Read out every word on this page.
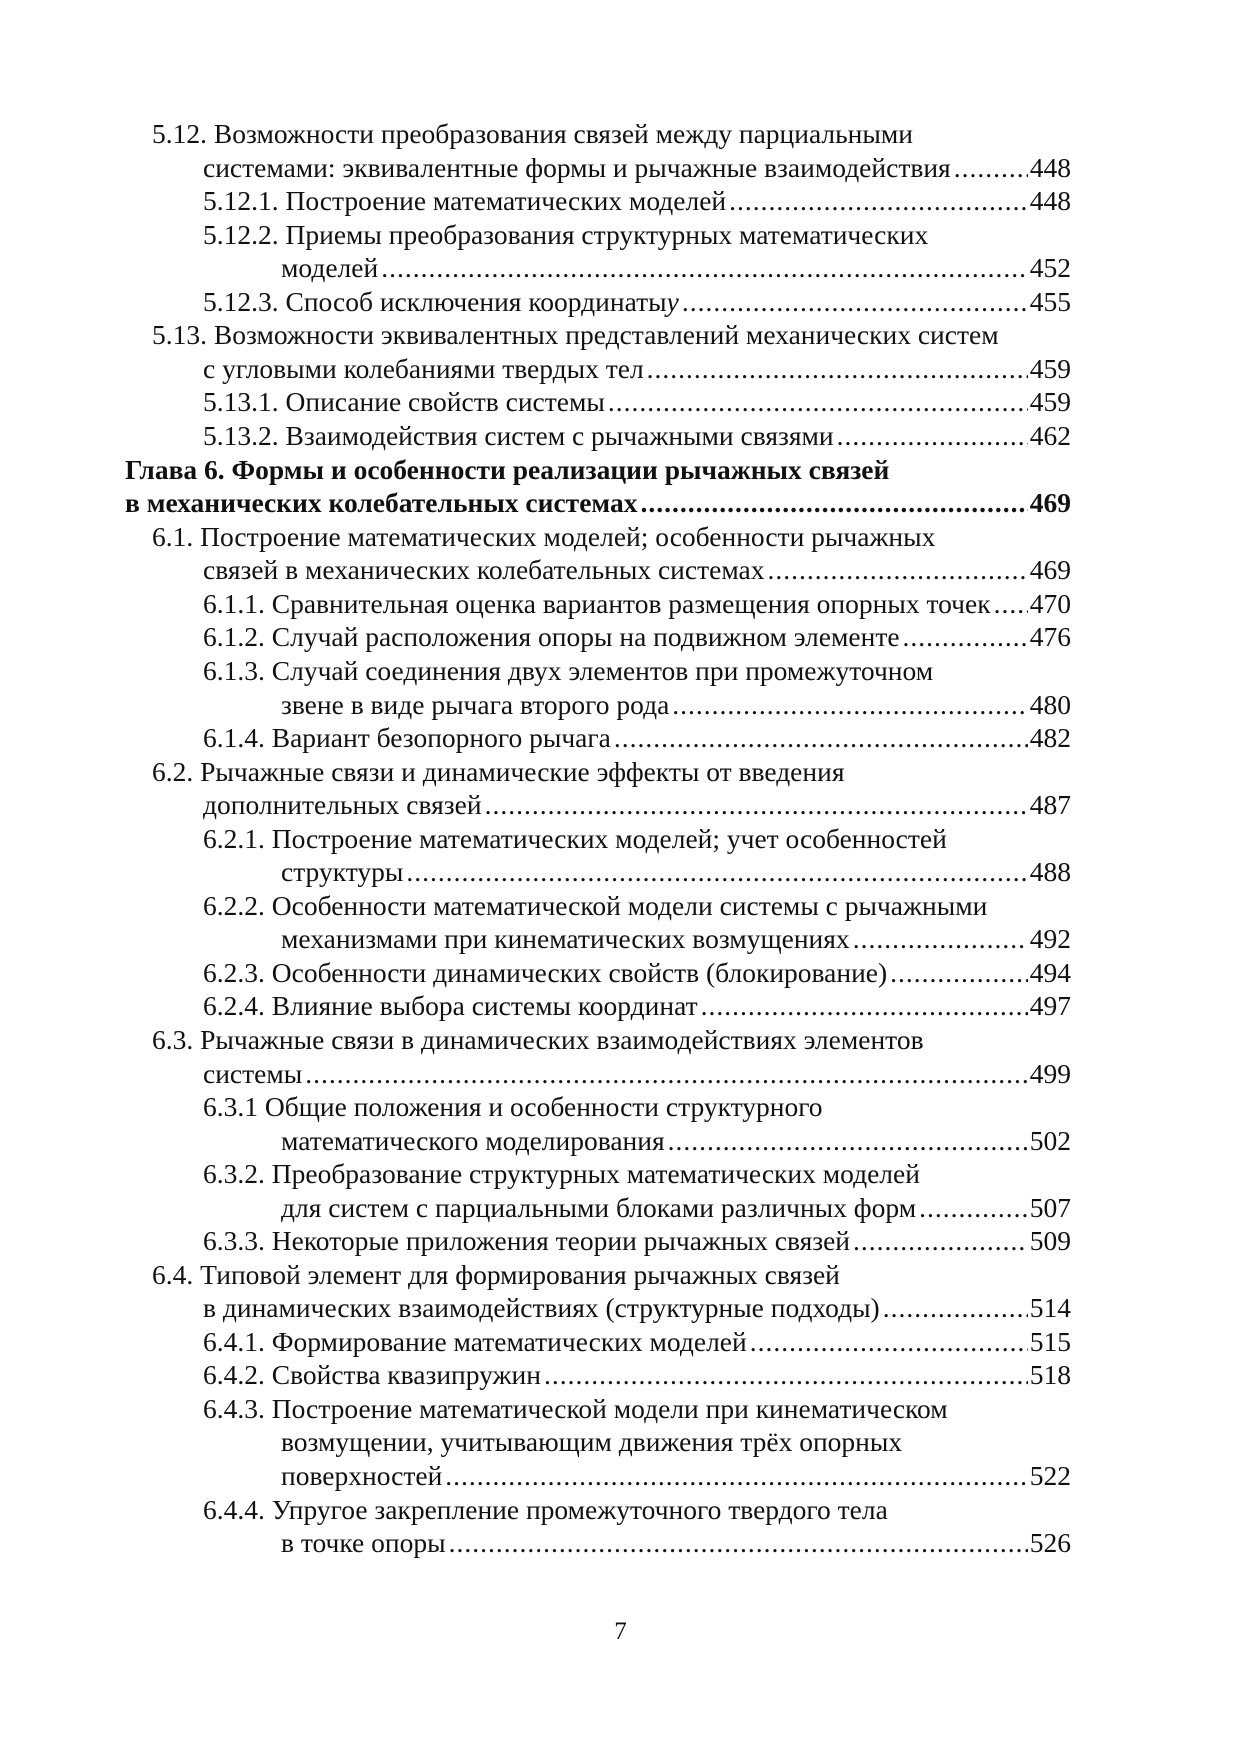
5.12. Возможности преобразования связей между парциальными
системами: эквивалентные формы и рычажные взаимодействия .....	448
5.12.1. Построение математических моделей .....	448
5.12.2. Приемы преобразования структурных математических
моделей .....	452
5.12.3. Способ исключения координаты y .....	455
5.13. Возможности эквивалентных представлений механических систем
с угловыми колебаниями твердых тел .....	459
5.13.1. Описание свойств системы .....	459
5.13.2. Взаимодействия систем с рычажными связями .....	462
Глава 6. Формы и особенности реализации рычажных связей
в механических колебательных системах .....	469
6.1. Построение математических моделей; особенности рычажных
связей в механических колебательных системах .....	469
6.1.1. Сравнительная оценка вариантов размещения опорных точек ..... 470
6.1.2. Случай расположения опоры на подвижном элементе .....	476
6.1.3. Случай соединения двух элементов при промежуточном
звене в виде рычага второго рода .....	480
6.1.4. Вариант безопорного рычага .....	482
6.2. Рычажные связи и динамические эффекты от введения
дополнительных связей .....	487
6.2.1. Построение математических моделей; учет особенностей
структуры .....	488
6.2.2. Особенности математической модели системы с рычажными
механизмами при кинематических возмущениях .....	492
6.2.3. Особенности динамических свойств (блокирование) .....	494
6.2.4. Влияние выбора системы координат .....	497
6.3. Рычажные связи в динамических взаимодействиях элементов
системы .....	499
6.3.1 Общие положения и особенности структурного
математического моделирования .....	502
6.3.2. Преобразование структурных математических моделей
для систем с парциальными блоками различных форм .....	507
6.3.3. Некоторые приложения теории рычажных связей .....	509
6.4. Типовой элемент для формирования рычажных связей
в динамических взаимодействиях (структурные подходы) .....	514
6.4.1. Формирование математических моделей .....	515
6.4.2. Свойства квазипружин .....	518
6.4.3. Построение математической модели при кинематическом
возмущении, учитывающим движения трёх опорных
поверхностей .....	522
6.4.4. Упругое закрепление промежуточного твердого тела
в точке опоры .....	526
7
